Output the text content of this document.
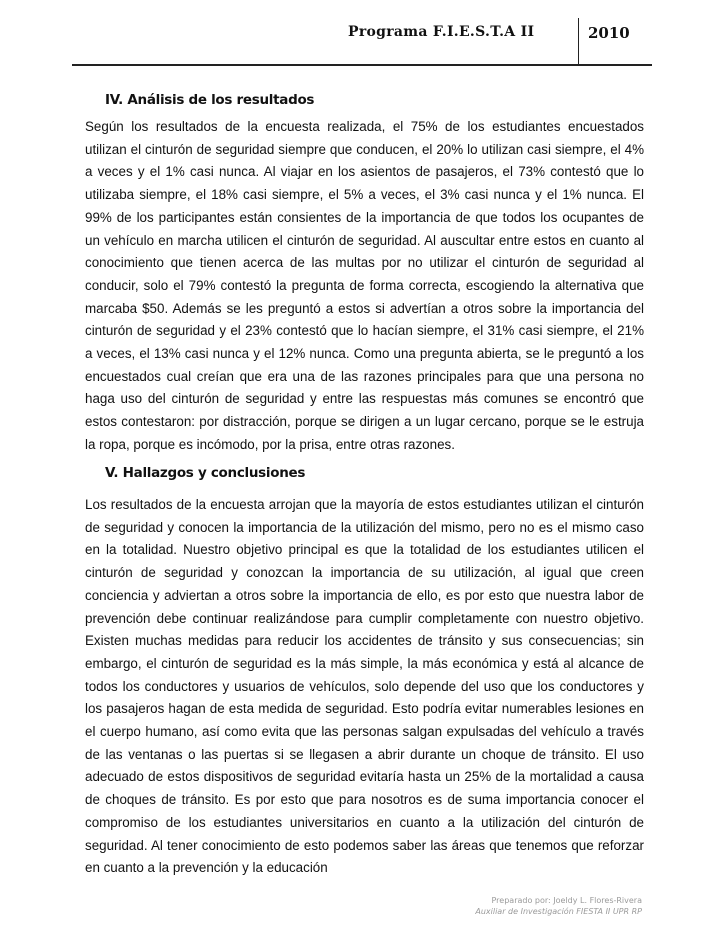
Programa F.I.E.S.T.A II	2010
IV. Análisis de los resultados

Según los resultados de la encuesta realizada, el 75% de los estudiantes encuestados utilizan el cinturón de seguridad siempre que conducen, el 20% lo utilizan casi siempre, el 4% a veces y el 1% casi nunca. Al viajar en los asientos de pasajeros, el 73% contestó que lo utilizaba siempre, el 18% casi siempre, el 5% a veces, el 3% casi nunca y el 1% nunca. El 99% de los participantes están consientes de la importancia de que todos los ocupantes de un vehículo en marcha utilicen el cinturón de seguridad. Al auscultar entre estos en cuanto al conocimiento que tienen acerca de las multas por no utilizar el cinturón de seguridad al conducir, solo el 79% contestó la pregunta de forma correcta, escogiendo la alternativa que marcaba $50. Además se les preguntó a estos si advertían a otros sobre la importancia del cinturón de seguridad y el 23% contestó que lo hacían siempre, el 31% casi siempre, el 21% a veces, el 13% casi nunca y el 12% nunca. Como una pregunta abierta, se le preguntó a los encuestados cual creían que era una de las razones principales para que una persona no haga uso del cinturón de seguridad y entre las respuestas más comunes se encontró que estos contestaron: por distracción, porque se dirigen a un lugar cercano, porque se le estruja la ropa, porque es incómodo, por la prisa, entre otras razones.

V. Hallazgos y conclusiones

Los resultados de la encuesta arrojan que la mayoría de estos estudiantes utilizan el cinturón de seguridad y conocen la importancia de la utilización del mismo, pero no es el mismo caso en la totalidad. Nuestro objetivo principal es que la totalidad de los estudiantes utilicen el cinturón de seguridad y conozcan la importancia de su utilización, al igual que creen conciencia y adviertan a otros sobre la importancia de ello, es por esto que nuestra labor de prevención debe continuar realizándose para cumplir completamente con nuestro objetivo. Existen muchas medidas para reducir los accidentes de tránsito y sus consecuencias; sin embargo, el cinturón de seguridad es la más simple, la más económica y está al alcance de todos los conductores y usuarios de vehículos, solo depende del uso que los conductores y los pasajeros hagan de esta medida de seguridad. Esto podría evitar numerables lesiones en el cuerpo humano, así como evita que las personas salgan expulsadas del vehículo a través de las ventanas o las puertas si se llegasen a abrir durante un choque de tránsito. El uso adecuado de estos dispositivos de seguridad evitaría hasta un 25% de la mortalidad a causa de choques de tránsito. Es por esto que para nosotros es de suma importancia conocer el compromiso de los estudiantes universitarios en cuanto a la utilización del cinturón de seguridad. Al tener conocimiento de esto podemos saber las áreas que tenemos que reforzar en cuanto a la prevención y la educación

Preparado por: Joeldy L. Flores-Rivera
Auxiliar de Investigación FIESTA II UPR RP
